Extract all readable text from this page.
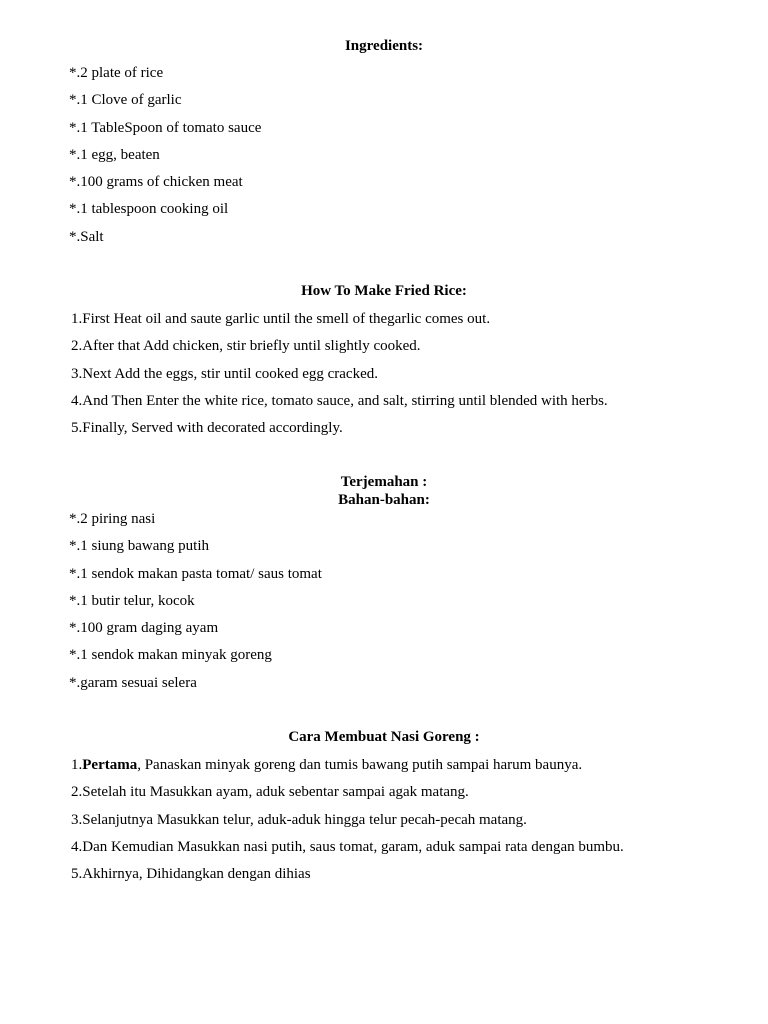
Ingredients:

*.2 plate of rice
*.1 Clove of garlic
*.1 TableSpoon of tomato sauce
*.1 egg, beaten
*.100 grams of chicken meat
*.1 tablespoon cooking oil
*.Salt

How To Make Fried Rice:

1.First Heat oil and saute garlic until the smell of thegarlic comes out.
2.After that Add chicken, stir briefly until slightly cooked.
3.Next Add the eggs, stir until cooked egg cracked.
4.And Then Enter the white rice, tomato sauce, and salt, stirring until blended with herbs.
5.Finally, Served with decorated accordingly.

Terjemahan :

Bahan-bahan:

*.2 piring nasi
*.1 siung bawang putih
*.1 sendok makan pasta tomat/ saus tomat
*.1 butir telur, kocok
*.100 gram daging ayam
*.1 sendok makan minyak goreng
*.garam sesuai selera

Cara Membuat Nasi Goreng :

1.Pertama, Panaskan minyak goreng dan tumis bawang putih sampai harum baunya.
2.Setelah itu Masukkan ayam, aduk sebentar sampai agak matang.
3.Selanjutnya Masukkan telur, aduk-aduk hingga telur pecah-pecah matang.
4.Dan Kemudian Masukkan nasi putih, saus tomat, garam, aduk sampai rata dengan bumbu.
5.Akhirnya, Dihidangkan dengan dihias
